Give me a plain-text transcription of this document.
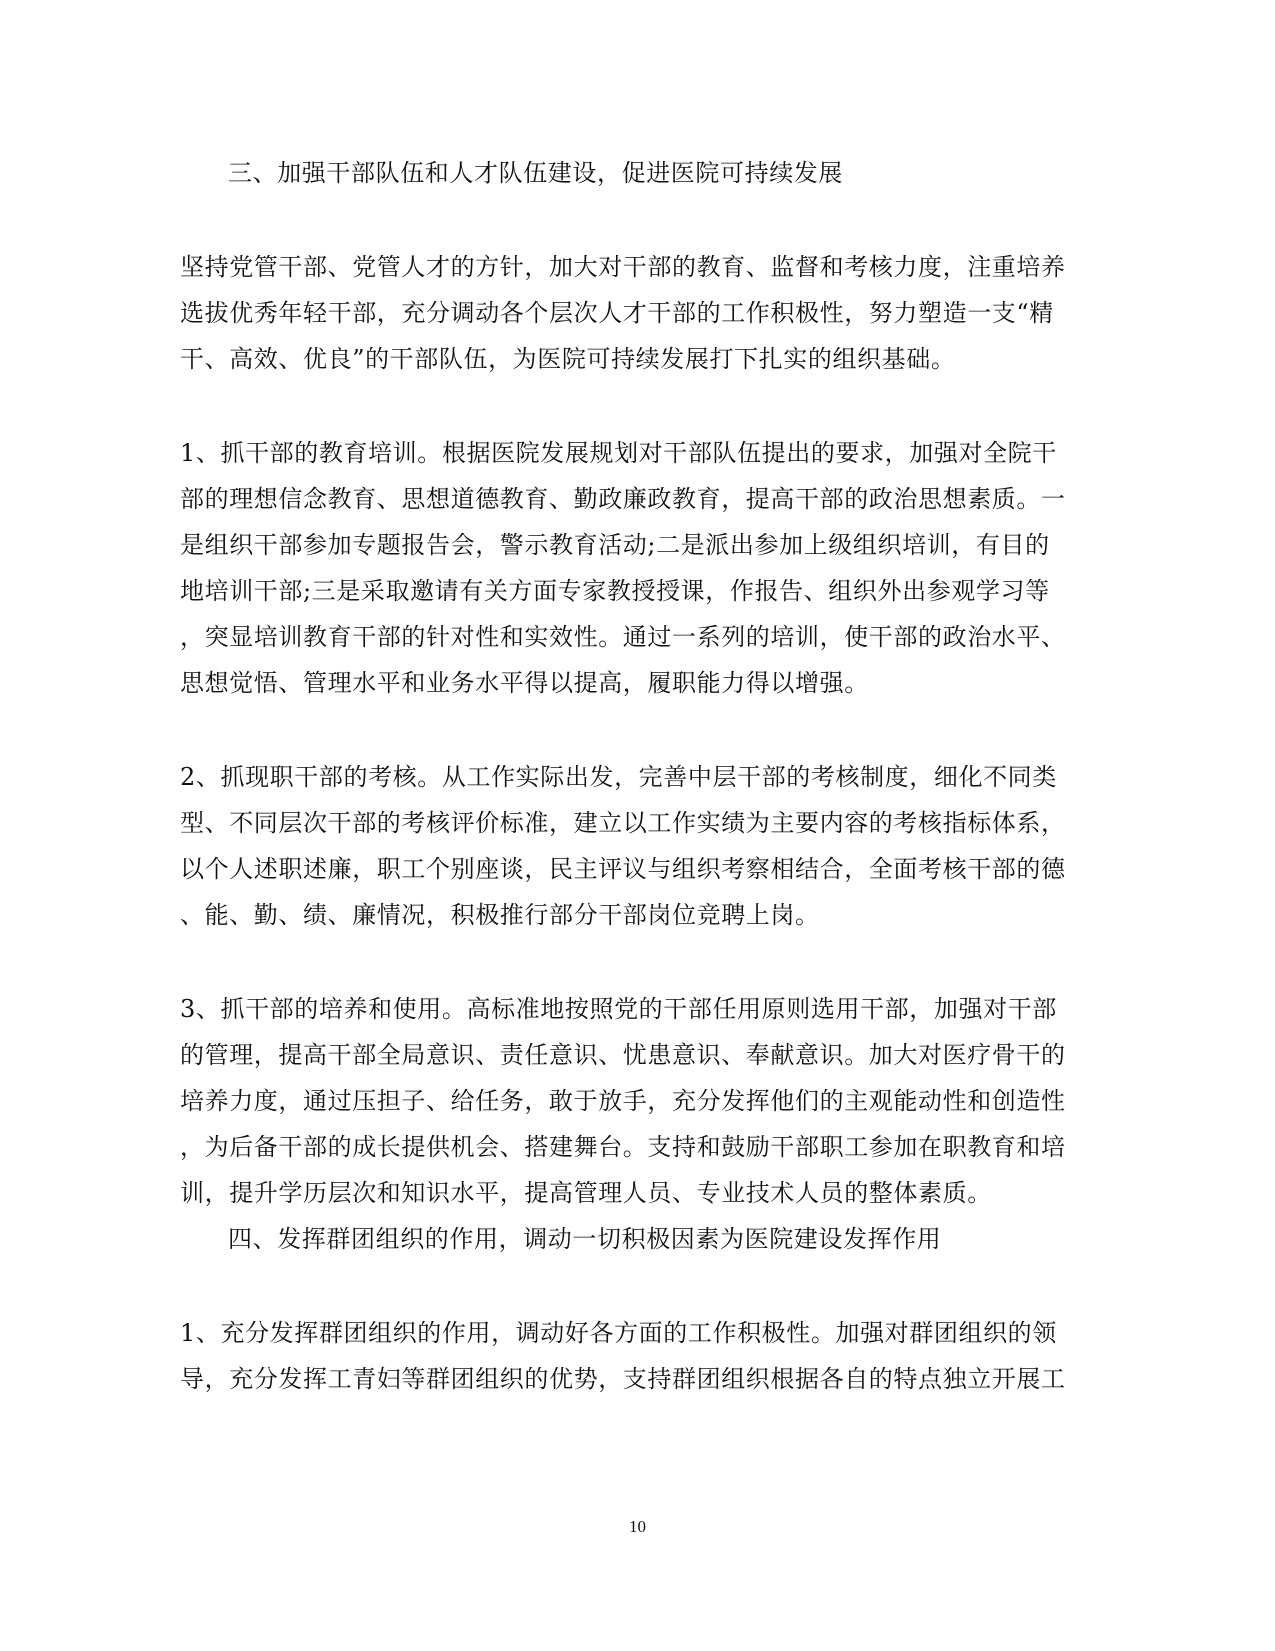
三、加强干部队伍和人才队伍建设，促进医院可持续发展
坚持党管干部、党管人才的方针，加大对干部的教育、监督和考核力度，注重培养
选拔优秀年轻干部，充分调动各个层次人才干部的工作积极性，努力塑造一支“精
干、高效、优良”的干部队伍，为医院可持续发展打下扎实的组织基础。
1、抓干部的教育培训。根据医院发展规划对干部队伍提出的要求，加强对全院干
部的理想信念教育、思想道德教育、勤政廉政教育，提高干部的政治思想素质。一
是组织干部参加专题报告会，警示教育活动;二是派出参加上级组织培训，有目的
地培训干部;三是采取邀请有关方面专家教授授课，作报告、组织外出参观学习等
，突显培训教育干部的针对性和实效性。通过一系列的培训，使干部的政治水平、
思想觉悟、管理水平和业务水平得以提高，履职能力得以增强。
2、抓现职干部的考核。从工作实际出发，完善中层干部的考核制度，细化不同类
型、不同层次干部的考核评价标准，建立以工作实绩为主要内容的考核指标体系，
以个人述职述廉，职工个别座谈，民主评议与组织考察相结合，全面考核干部的德
、能、勤、绩、廉情况，积极推行部分干部岗位竞聘上岗。
3、抓干部的培养和使用。高标准地按照党的干部任用原则选用干部，加强对干部
的管理，提高干部全局意识、责任意识、忧患意识、奉献意识。加大对医疗骨干的
培养力度，通过压担子、给任务，敢于放手，充分发挥他们的主观能动性和创造性
，为后备干部的成长提供机会、搭建舞台。支持和鼓励干部职工参加在职教育和培
训，提升学历层次和知识水平，提高管理人员、专业技术人员的整体素质。
四、发挥群团组织的作用，调动一切积极因素为医院建设发挥作用
1、充分发挥群团组织的作用，调动好各方面的工作积极性。加强对群团组织的领
导，充分发挥工青妇等群团组织的优势，支持群团组织根据各自的特点独立开展工
10
